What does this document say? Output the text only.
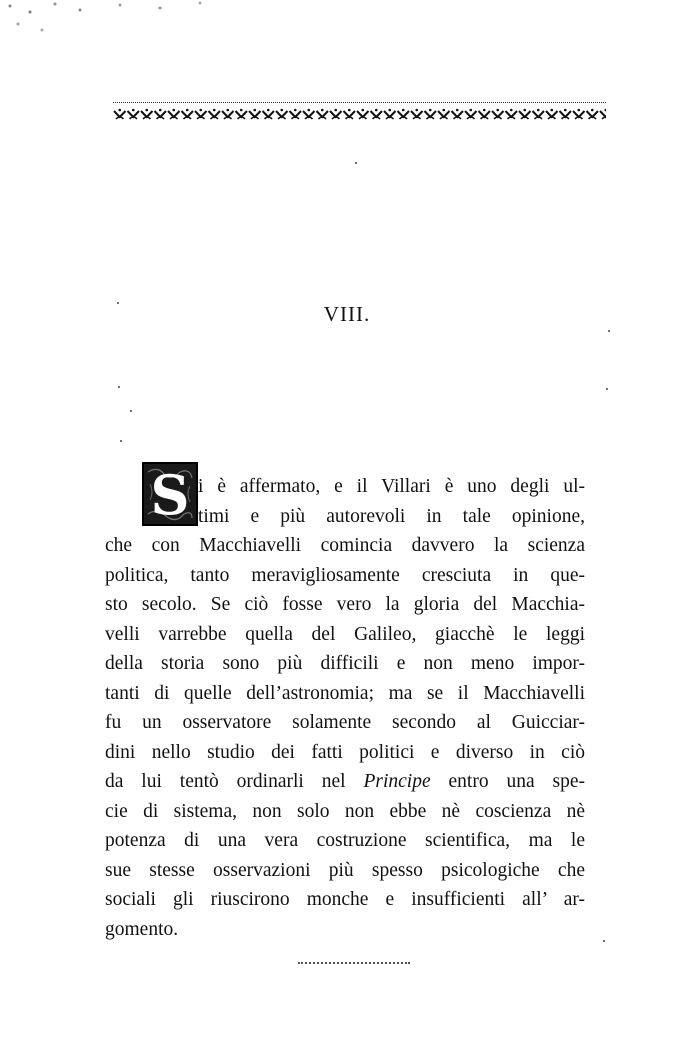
VIII.
S i è affermato, e il Villari è uno degli ul-
timi e più autorevoli in tale opinione,
che con Macchiavelli comincia davvero la scienza
politica, tanto meravigliosamente cresciuta in que-
sto secolo. Se ciò fosse vero la gloria del Macchia-
velli varrebbe quella del Galileo, giacchè le leggi
della storia sono più difficili e non meno impor-
tanti di quelle dell’astronomia; ma se il Macchiavelli
fu un osservatore solamente secondo al Guicciar-
dini nello studio dei fatti politici e diverso in ciò
da lui tentò ordinarli nel Principe entro una spe-
cie di sistema, non solo non ebbe nè coscienza nè
potenza di una vera costruzione scientifica, ma le
sue stesse osservazioni più spesso psicologiche che
sociali gli riuscirono monche e insufficienti all’ ar-
gomento.
